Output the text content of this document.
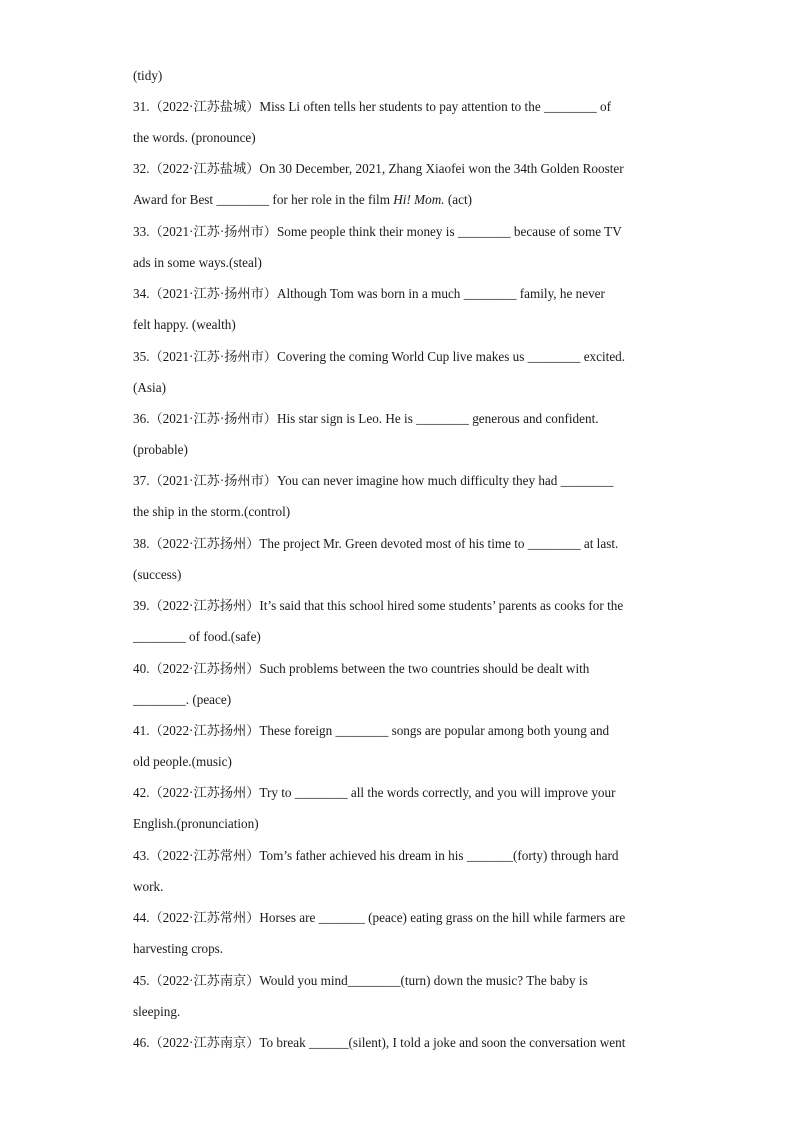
(tidy)
31.（2022·江苏盐城）Miss Li often tells her students to pay attention to the ________ of
the words. (pronounce)
32.（2022·江苏盐城）On 30 December, 2021, Zhang Xiaofei won the 34th Golden Rooster
Award for Best ________ for her role in the film Hi! Mom. (act)
33.（2021·江苏·扬州市）Some people think their money is ________ because of some TV
ads in some ways.(steal)
34.（2021·江苏·扬州市）Although Tom was born in a much ________ family, he never
felt happy. (wealth)
35.（2021·江苏·扬州市）Covering the coming World Cup live makes us ________ excited.
(Asia)
36.（2021·江苏·扬州市）His star sign is Leo. He is ________ generous and confident.
(probable)
37.（2021·江苏·扬州市）You can never imagine how much difficulty they had ________
the ship in the storm.(control)
38.（2022·江苏扬州）The project Mr. Green devoted most of his time to ________ at last.
(success)
39.（2022·江苏扬州）It’s said that this school hired some students’ parents as cooks for the
________ of food.(safe)
40.（2022·江苏扬州）Such problems between the two countries should be dealt with
________. (peace)
41.（2022·江苏扬州）These foreign ________ songs are popular among both young and
old people.(music)
42.（2022·江苏扬州）Try to ________ all the words correctly, and you will improve your
English.(pronunciation)
43.（2022·江苏常州）Tom’s father achieved his dream in his _______(forty) through hard
work.
44.（2022·江苏常州）Horses are _______ (peace) eating grass on the hill while farmers are
harvesting crops.
45.（2022·江苏南京）Would you mind________(turn) down the music? The baby is
sleeping.
46.（2022·江苏南京）To break ______(silent), I told a joke and soon the conversation went
